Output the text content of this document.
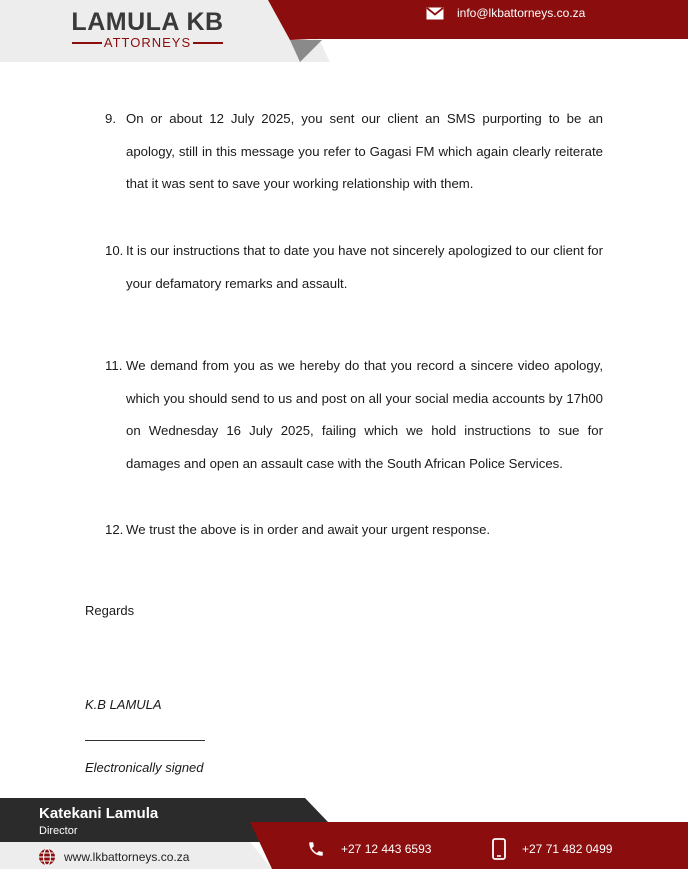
LAMULA KB
ATTORNEYS
info@lkbattorneys.co.za
9. On or about 12 July 2025, you sent our client an SMS purporting to be an apology, still in this message you refer to Gagasi FM which again clearly reiterate that it was sent to save your working relationship with them.
10. It is our instructions that to date you have not sincerely apologized to our client for your defamatory remarks and assault.
11. We demand from you as we hereby do that you record a sincere video apology, which you should send to us and post on all your social media accounts by 17h00 on Wednesday 16 July 2025, failing which we hold instructions to sue for damages and open an assault case with the South African Police Services.
12. We trust the above is in order and await your urgent response.
Regards
K.B LAMULA
Electronically signed
Katekani Lamula
Director
www.lkbattorneys.co.za
+27 12 443 6593	+27 71 482 0499
